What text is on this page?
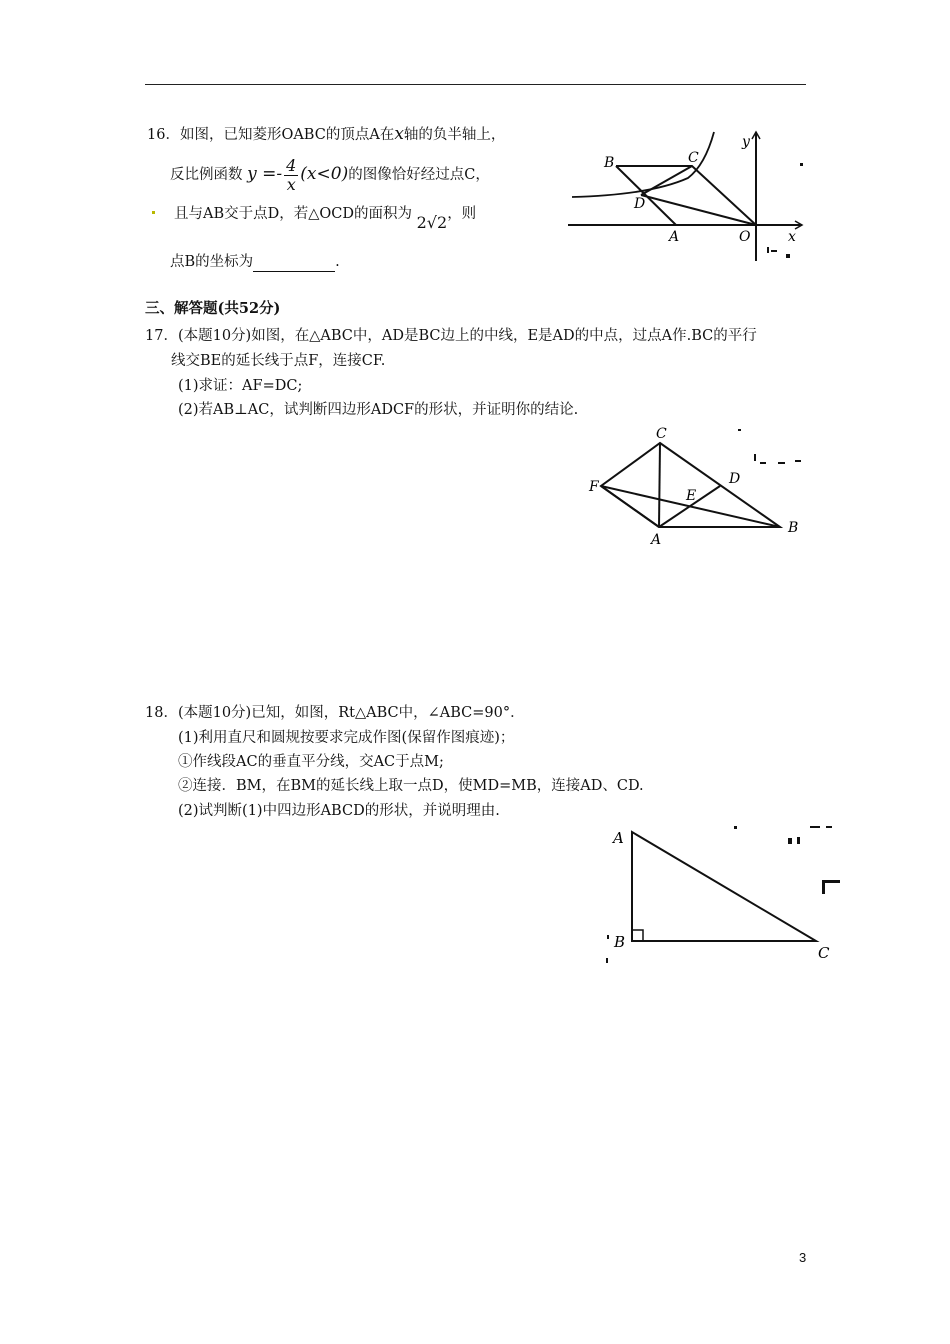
16．如图，已知菱形OABC的顶点A在x轴的负半轴上，
反比例函数 $y =- \frac{4}{x} (x<0)$的图像恰好经过点C，
且与AB交于点D，若△OCD的面积为 2√2，则
点B的坐标为	.
B	C
D
A	O	x
y
三、解答题(共52分)
17．(本题10分)如图，在△ABC中，AD是BC边上的中线，E是AD的中点，过点A作.BC的平行
线交BE的延长线于点F，连接CF.
(1)求证：AF=DC;
(2)若AB⊥AC，试判断四边形ADCF的形状，并证明你的结论.
C
D
F
E
A
B
18．(本题10分)已知，如图，Rt△ABC中，∠ABC=90°．
(1)利用直尺和圆规按要求完成作图(保留作图痕迹)；
①作线段AC的垂直平分线，交AC于点M;
②连接．BM，在BM的延长线上取一点D，使MD=MB，连接AD、CD.
(2)试判断(1)中四边形ABCD的形状，并说明理由.
A
B
C
3
